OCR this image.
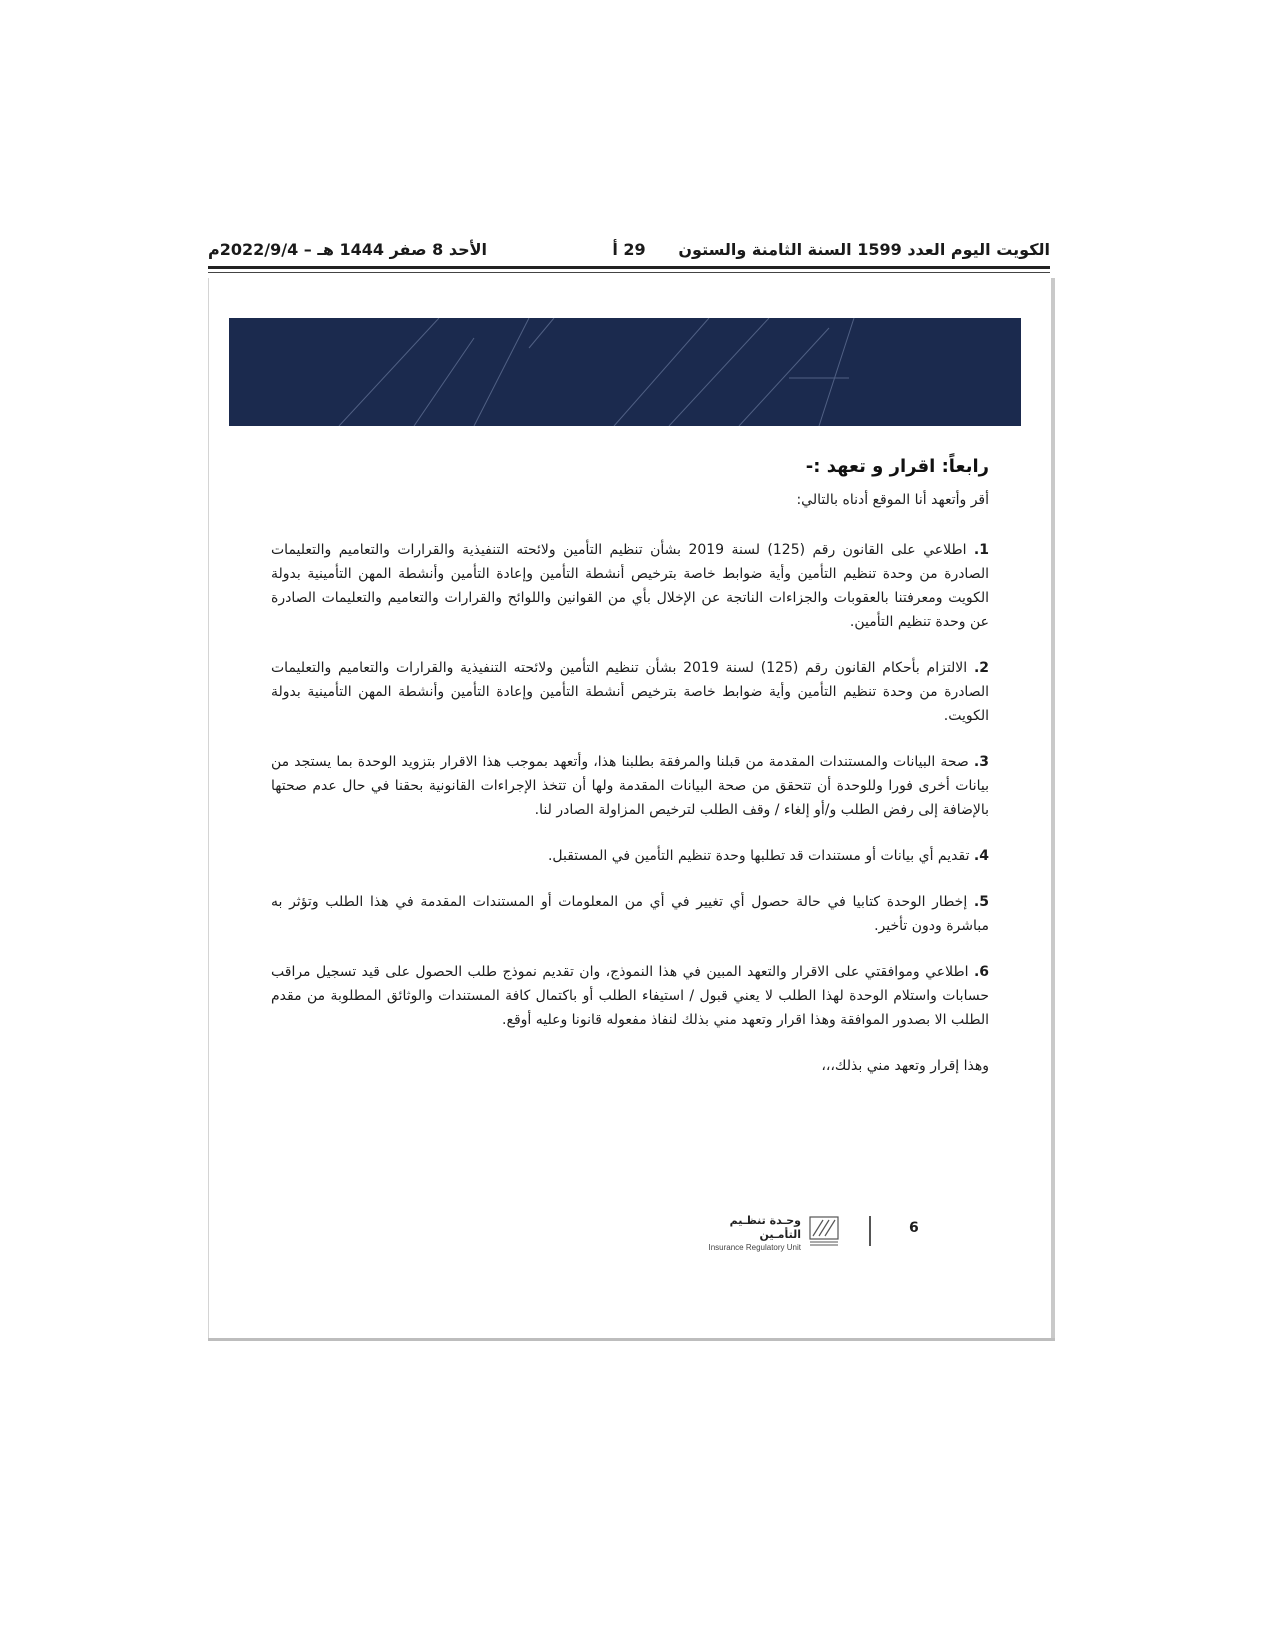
الكويت اليوم العدد 1599 السنة الثامنة والستون
29 أ
الأحد 8 صفر 1444 هـ – 2022/9/4م
رابعاً: اقرار و تعهد :-
أقر وأتعهد أنا الموقع أدناه بالتالي:
1. اطلاعي على القانون رقم (125) لسنة 2019 بشأن تنظيم التأمين ولائحته التنفيذية والقرارات والتعاميم والتعليمات الصادرة من وحدة تنظيم التأمين وأية ضوابط خاصة بترخيص أنشطة التأمين وإعادة التأمين وأنشطة المهن التأمينية بدولة الكويت ومعرفتنا بالعقوبات والجزاءات الناتجة عن الإخلال بأي من القوانين واللوائح والقرارات والتعاميم والتعليمات الصادرة عن وحدة تنظيم التأمين.
2. الالتزام بأحكام القانون رقم (125) لسنة 2019 بشأن تنظيم التأمين ولائحته التنفيذية والقرارات والتعاميم والتعليمات الصادرة من وحدة تنظيم التأمين وأية ضوابط خاصة بترخيص أنشطة التأمين وإعادة التأمين وأنشطة المهن التأمينية بدولة الكويت.
3. صحة البيانات والمستندات المقدمة من قبلنا والمرفقة بطلبنا هذا، وأتعهد بموجب هذا الاقرار بتزويد الوحدة بما يستجد من بيانات أخرى فورا وللوحدة أن تتحقق من صحة البيانات المقدمة ولها أن تتخذ الإجراءات القانونية بحقنا في حال عدم صحتها بالإضافة إلى رفض الطلب و/أو إلغاء / وقف الطلب لترخيص المزاولة الصادر لنا.
4. تقديم أي بيانات أو مستندات قد تطلبها وحدة تنظيم التأمين في المستقبل.
5. إخطار الوحدة كتابيا في حالة حصول أي تغيير في أي من المعلومات أو المستندات المقدمة في هذا الطلب وتؤثر به مباشرة ودون تأخير.
6. اطلاعي وموافقتي على الاقرار والتعهد المبين في هذا النموذج، وان تقديم نموذج طلب الحصول على قيد تسجيل مراقب حسابات واستلام الوحدة لهذا الطلب لا يعني قبول / استيفاء الطلب أو باكتمال كافة المستندات والوثائق المطلوبة من مقدم الطلب الا بصدور الموافقة وهذا اقرار وتعهد مني بذلك لنفاذ مفعوله قانونا وعليه أوقع.
وهذا إقرار وتعهد مني بذلك،،،
وحـدة تنظـيم التأمـين
Insurance Regulatory Unit
6
